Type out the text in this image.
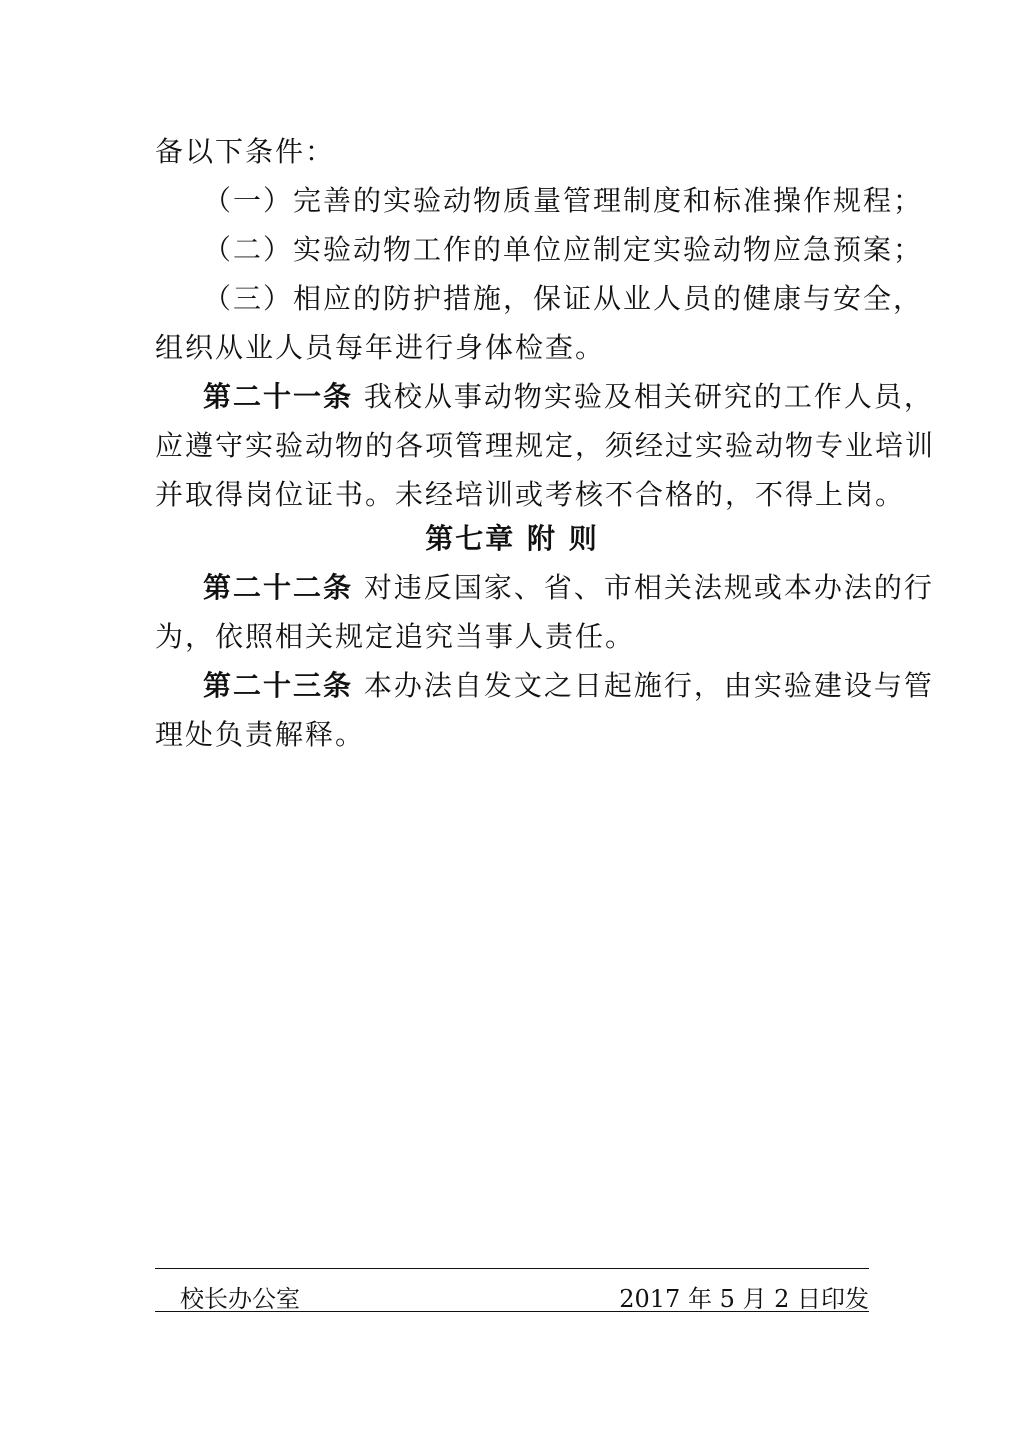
备以下条件：
（一）完善的实验动物质量管理制度和标准操作规程；
（二）实验动物工作的单位应制定实验动物应急预案；
（三）相应的防护措施，保证从业人员的健康与安全，
组织从业人员每年进行身体检查。
第二十一条 我校从事动物实验及相关研究的工作人员，
应遵守实验动物的各项管理规定，须经过实验动物专业培训
并取得岗位证书。未经培训或考核不合格的，不得上岗。
第七章 附 则
第二十二条 对违反国家、省、市相关法规或本办法的行
为，依照相关规定追究当事人责任。
第二十三条 本办法自发文之日起施行，由实验建设与管
理处负责解释。
校长办公室	2017 年 5 月 2 日印发
